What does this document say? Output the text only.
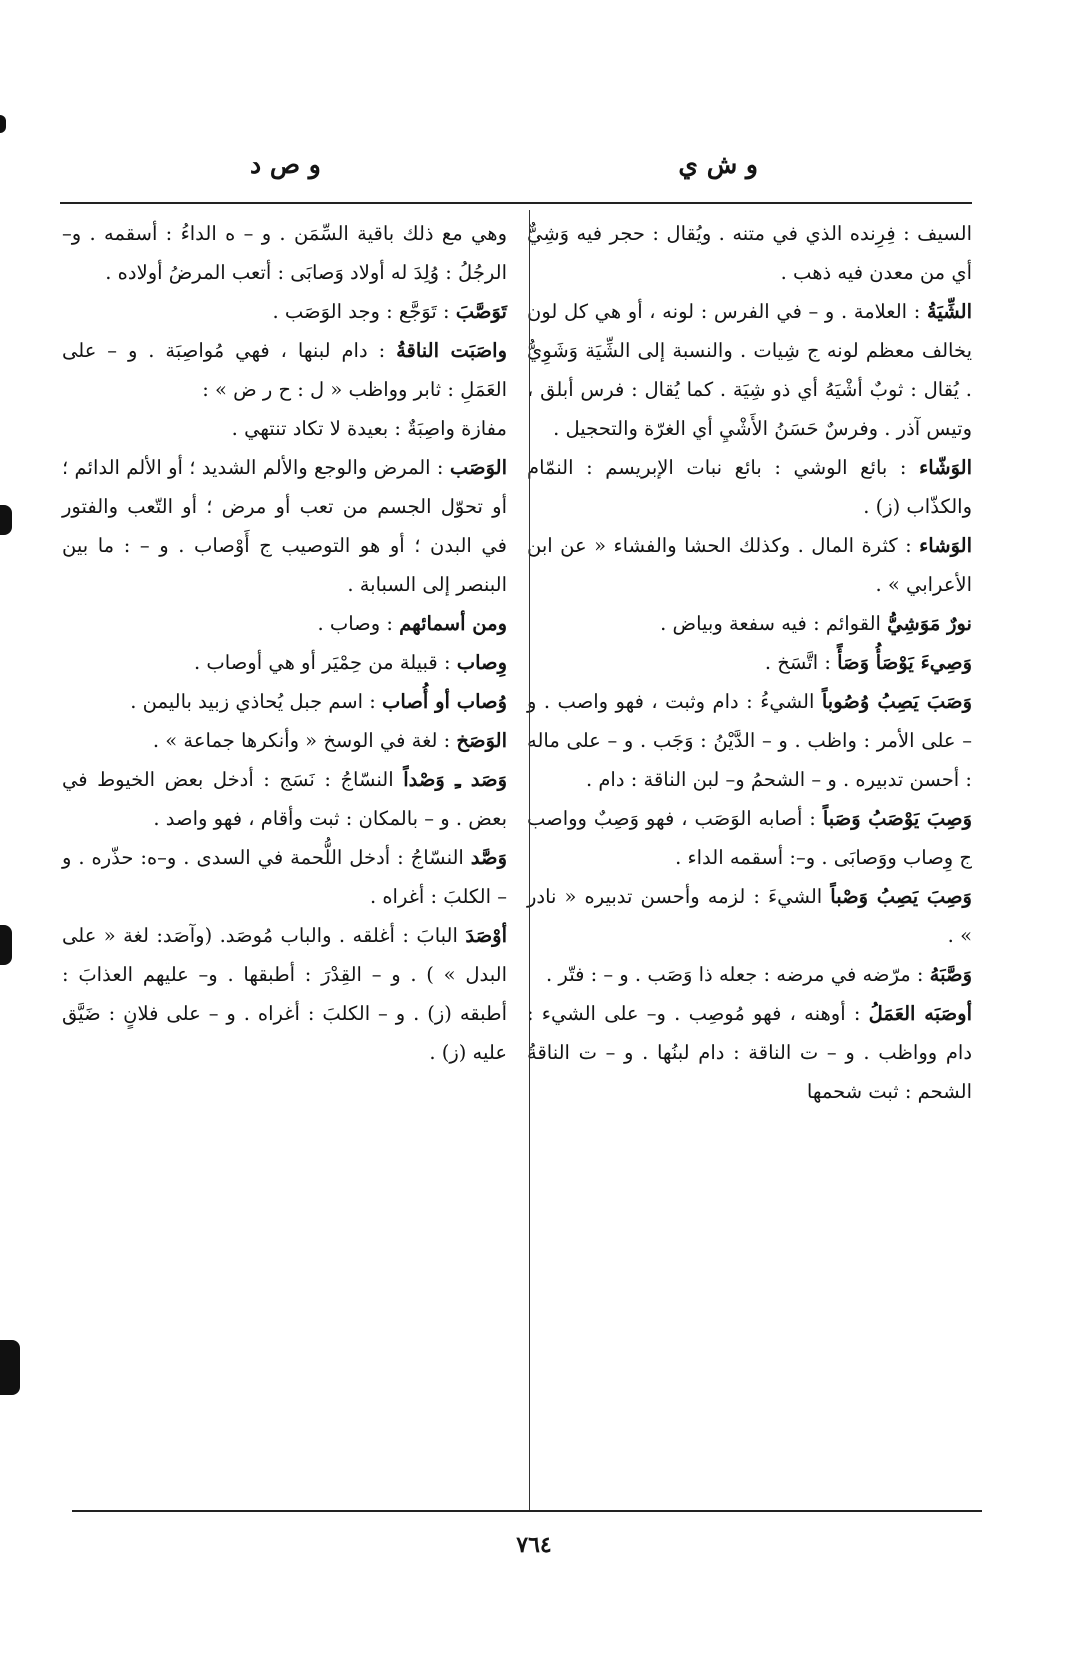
و ش ي
و ص د

السيف : فِرِنده الذي في متنه . ويُقال : حجر فيه وَشِيٌّ أي من معدن فيه ذهب .

الشِّيَةُ : العلامة . و – في الفرس : لونه ، أو هي كل لون يخالف معظم لونه ج شِيات . والنسبة إلى الشِّيَة وَشَوِيٌّ . يُقال : ثوبٌ أشْيَهُ أي ذو شِيَة . كما يُقال : فرس أبلق ، وتيس آذر . وفرسٌ حَسَنُ الأَشْيِ أي الغرّة والتحجيل .

الوَشّاء : بائع الوشي : بائع نبات الإبريسم : النمّام والكذّاب (ز) .

الوَشاء : كثرة المال . وكذلك الحشا والفشاء « عن ابن الأعرابي » .

نورٌ مَوَشِيُّ القوائم : فيه سفعة وبياض .

وَصِيءَ يَوْصَأُ وَصَأً : اتَّسَخ .

وَصَبَ يَصِبُ وُصُوباً الشيءُ : دام وثبت ، فهو واصب . و – على الأمر : واظب . و – الدَّيْنُ : وَجَب . و – على ماله : أحسن تدبيره . و – الشحمُ و– لبن الناقة : دام .

وَصِبَ يَوْصَبُ وَصَباً : أصابه الوَصَب ، فهو وَصِبٌ وواصب ج وِصاب ووَصابَى . و–: أسقمه الداء .

وَصِبَ يَصِبُ وَصْباً الشيءَ : لزمه وأحسن تدبيره « نادر » .

وَصَّبَهُ : مرّضه في مرضه : جعله ذا وَصَب . و – : فتّر .

أوصَبَه العَمَلُ : أوهنه ، فهو مُوصِب . و– على الشيء : دام وواظب . و – ت الناقة : دام لبنُها . و – ت الناقةُ الشحم : ثبت شحمها

وهي مع ذلك باقية السِّمَن . و – ه الداءُ : أسقمه . و– الرجُلُ : وُلِدَ له أولاد وَصابَى : أتعب المرضُ أولاده .

تَوَصَّبَ : تَوَجَّع : وجد الوَصَب .

واصَبَت الناقةُ : دام لبنها ، فهي مُواصِبَة . و – على العَمَلِ : ثابر وواظب « ل : ح ر ض » :

مفازة واصِبَةٌ : بعيدة لا تكاد تنتهي .

الوَصَب : المرض والوجع والألم الشديد ؛ أو الألم الدائم ؛ أو تحوّل الجسم من تعب أو مرض ؛ أو التّعب والفتور في البدن ؛ أو هو التوصيب ج أَوْصاب . و – : ما بين البنصر إلى السبابة .

ومن أسمائهم : وصاب .

وِصاب : قبيلة من حِمْيَر أو هي أوصاب .

وُصاب أو أُصاب : اسم جبل يُحاذي زبيد باليمن .

الوَصَخ : لغة في الوسخ « وأنكرها جماعة » .

وَصَد ـِ وَصْداً النسّاجُ : نَسَج : أدخل بعض الخيوط في بعض . و – بالمكان : ثبت وأقام ، فهو واصد .

وَصَّد النسّاجُ : أدخل اللُّحمة في السدى . و–ه: حذّره . و – الكلبَ : أغراه .

أوْصَدَ البابَ : أغلقه . والباب مُوصَد. (وآصَد: لغة « على البدل » ) . و – القِدْرَ : أطبقها . و– عليهم العذابَ : أطبقه (ز) . و – الكلبَ : أغراه . و – على فلانٍ : ضَيَّق عليه (ز) .

٧٦٤
